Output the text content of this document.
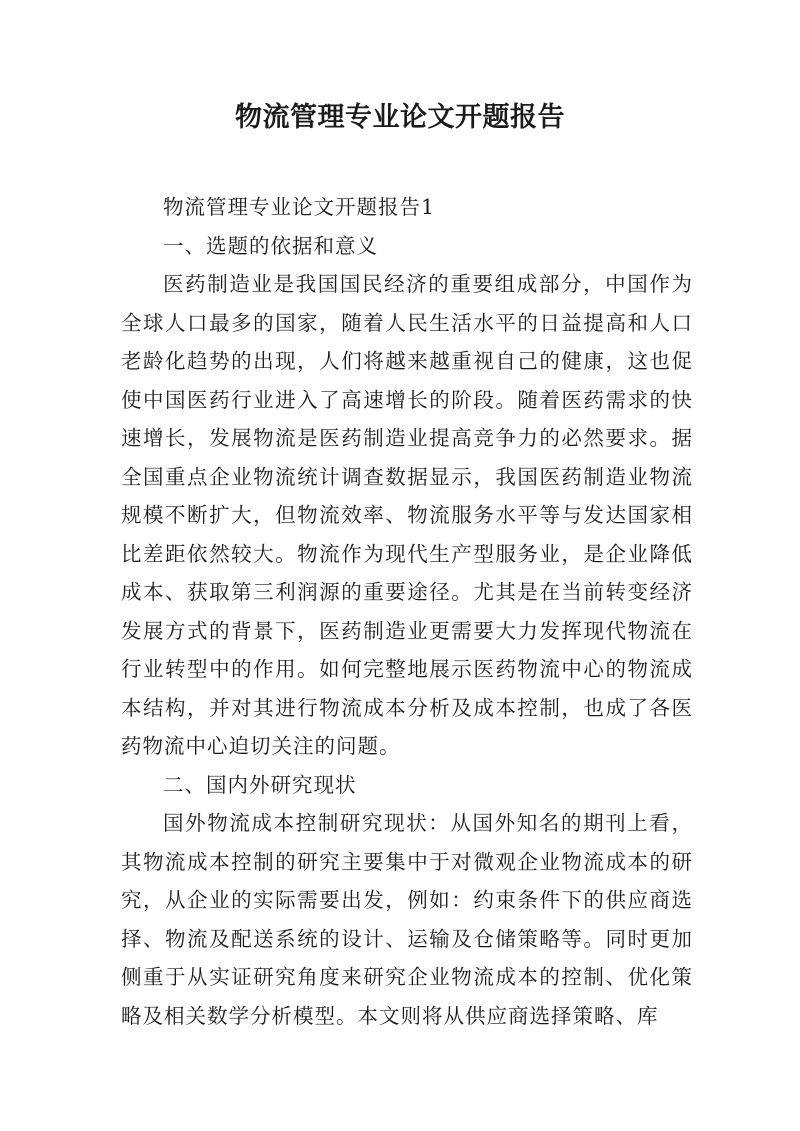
物流管理专业论文开题报告

物流管理专业论文开题报告1

一、选题的依据和意义

医药制造业是我国国民经济的重要组成部分，中国作为全球人口最多的国家，随着人民生活水平的日益提高和人口老龄化趋势的出现，人们将越来越重视自己的健康，这也促使中国医药行业进入了高速增长的阶段。随着医药需求的快速增长，发展物流是医药制造业提高竞争力的必然要求。据全国重点企业物流统计调查数据显示，我国医药制造业物流规模不断扩大，但物流效率、物流服务水平等与发达国家相比差距依然较大。物流作为现代生产型服务业，是企业降低成本、获取第三利润源的重要途径。尤其是在当前转变经济发展方式的背景下，医药制造业更需要大力发挥现代物流在行业转型中的作用。如何完整地展示医药物流中心的物流成本结构，并对其进行物流成本分析及成本控制，也成了各医药物流中心迫切关注的问题。

二、国内外研究现状

国外物流成本控制研究现状：从国外知名的期刊上看，其物流成本控制的研究主要集中于对微观企业物流成本的研究，从企业的实际需要出发，例如：约束条件下的供应商选择、物流及配送系统的设计、运输及仓储策略等。同时更加侧重于从实证研究角度来研究企业物流成本的控制、优化策略及相关数学分析模型。本文则将从供应商选择策略、库
